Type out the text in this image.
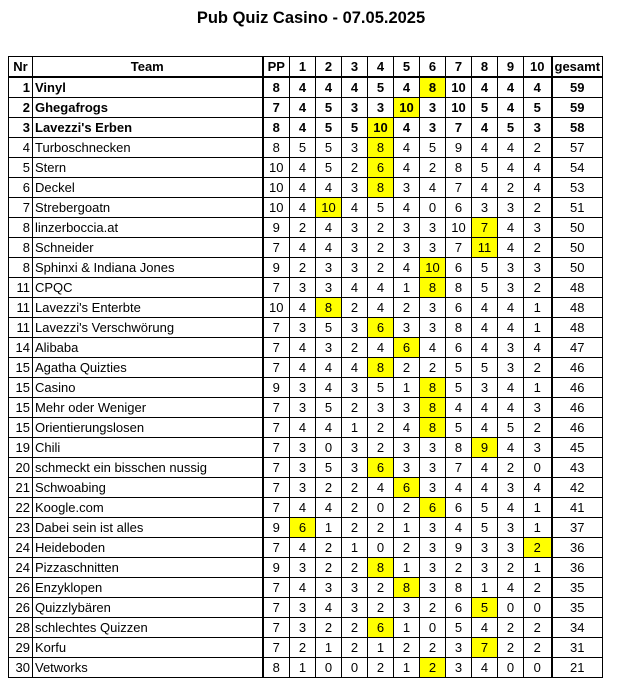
Pub Quiz Casino - 07.05.2025
Nr	Team	PP	1	2	3	4	5	6	7	8	9	10	gesamt
1	Vinyl	8	4	4	4	5	4	8	10	4	4	4	59
2	Ghegafrogs	7	4	5	3	3	10	3	10	5	4	5	59
3	Lavezzi's Erben	8	4	5	5	10	4	3	7	4	5	3	58
4	Turboschnecken	8	5	5	3	8	4	5	9	4	4	2	57
5	Stern	10	4	5	2	6	4	2	8	5	4	4	54
6	Deckel	10	4	4	3	8	3	4	7	4	2	4	53
7	Strebergoatn	10	4	10	4	5	4	0	6	3	3	2	51
8	linzerboccia.at	9	2	4	3	2	3	3	10	7	4	3	50
8	Schneider	7	4	4	3	2	3	3	7	11	4	2	50
8	Sphinxi & Indiana Jones	9	2	3	3	2	4	10	6	5	3	3	50
11	CPQC	7	3	3	4	4	1	8	8	5	3	2	48
11	Lavezzi's Enterbte	10	4	8	2	4	2	3	6	4	4	1	48
11	Lavezzi's Verschwörung	7	3	5	3	6	3	3	8	4	4	1	48
14	Alibaba	7	4	3	2	4	6	4	6	4	3	4	47
15	Agatha Quizties	7	4	4	4	8	2	2	5	5	3	2	46
15	Casino	9	3	4	3	5	1	8	5	3	4	1	46
15	Mehr oder Weniger	7	3	5	2	3	3	8	4	4	4	3	46
15	Orientierungslosen	7	4	4	1	2	4	8	5	4	5	2	46
19	Chili	7	3	0	3	2	3	3	8	9	4	3	45
20	schmeckt ein bisschen nussig	7	3	5	3	6	3	3	7	4	2	0	43
21	Schwoabing	7	3	2	2	4	6	3	4	4	3	4	42
22	Koogle.com	7	4	4	2	0	2	6	6	5	4	1	41
23	Dabei sein ist alles	9	6	1	2	2	1	3	4	5	3	1	37
24	Heideboden	7	4	2	1	0	2	3	9	3	3	2	36
24	Pizzaschnitten	9	3	2	2	8	1	3	2	3	2	1	36
26	Enzyklopen	7	4	3	3	2	8	3	8	1	4	2	35
26	Quizzlybären	7	3	4	3	2	3	2	6	5	0	0	35
28	schlechtes Quizzen	7	3	2	2	6	1	0	5	4	2	2	34
29	Korfu	7	2	1	2	1	2	2	3	7	2	2	31
30	Vetworks	8	1	0	0	2	1	2	3	4	0	0	21
